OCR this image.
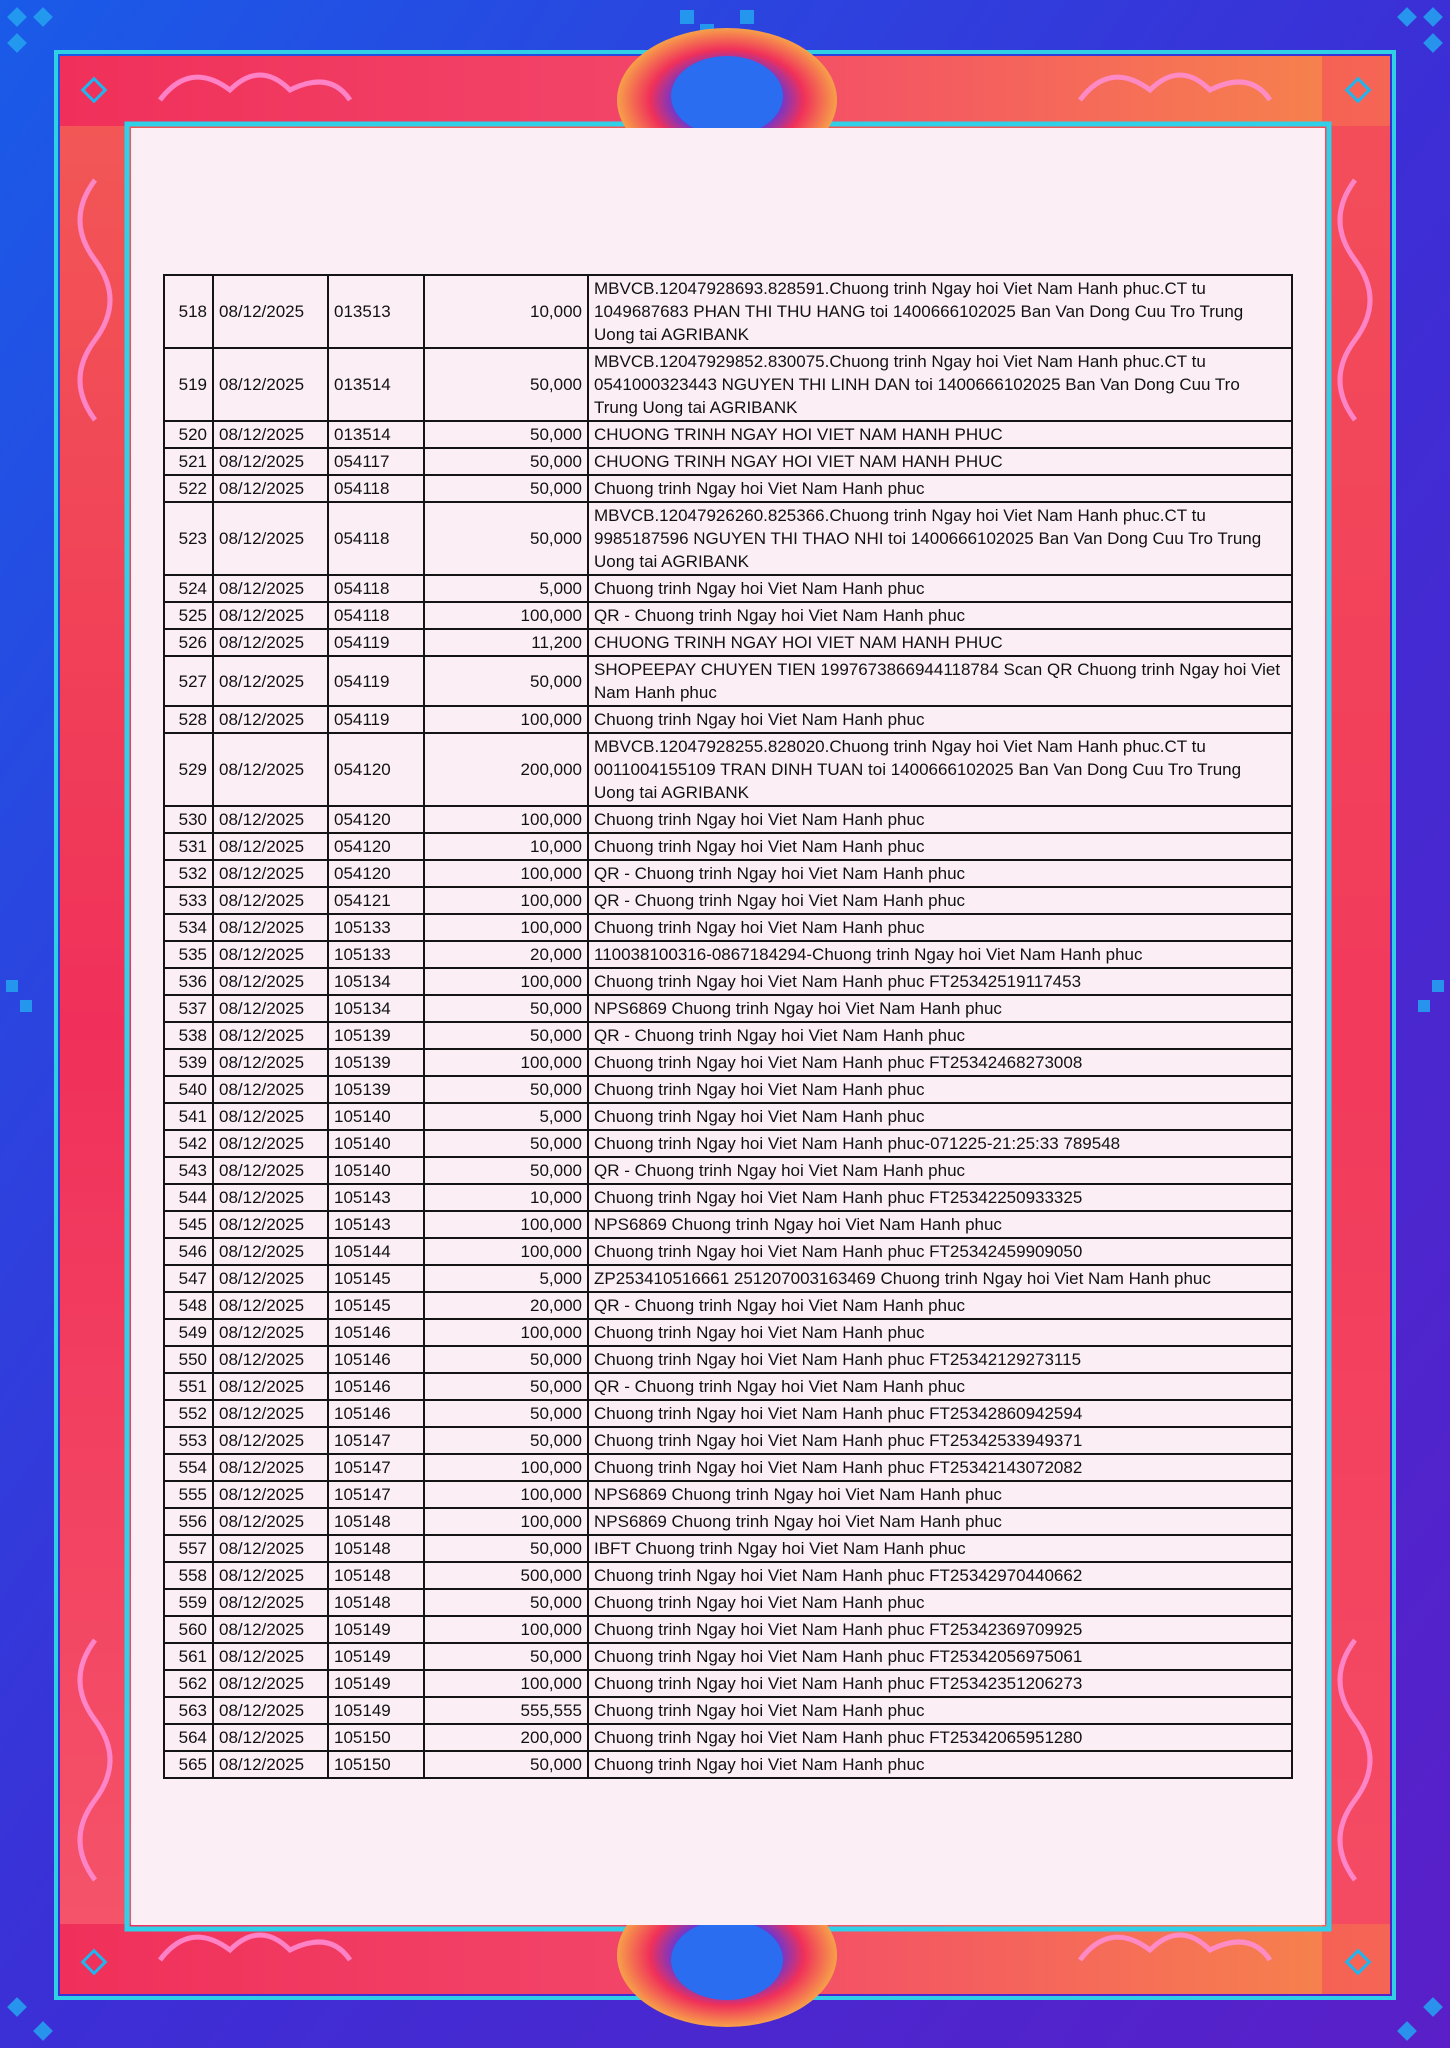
518	08/12/2025	013513	10,000	MBVCB.12047928693.828591.Chuong trinh Ngay hoi Viet Nam Hanh phuc.CT tu 1049687683 PHAN THI THU HANG toi 1400666102025 Ban Van Dong Cuu Tro Trung Uong tai AGRIBANK
519	08/12/2025	013514	50,000	MBVCB.12047929852.830075.Chuong trinh Ngay hoi Viet Nam Hanh phuc.CT tu 0541000323443 NGUYEN THI LINH DAN toi 1400666102025 Ban Van Dong Cuu Tro Trung Uong tai AGRIBANK
520	08/12/2025	013514	50,000	CHUONG TRINH NGAY HOI VIET NAM HANH PHUC
521	08/12/2025	054117	50,000	CHUONG TRINH NGAY HOI VIET NAM HANH PHUC
522	08/12/2025	054118	50,000	Chuong trinh Ngay hoi Viet Nam Hanh phuc
523	08/12/2025	054118	50,000	MBVCB.12047926260.825366.Chuong trinh Ngay hoi Viet Nam Hanh phuc.CT tu 9985187596 NGUYEN THI THAO NHI toi 1400666102025 Ban Van Dong Cuu Tro Trung Uong tai AGRIBANK
524	08/12/2025	054118	5,000	Chuong trinh Ngay hoi Viet Nam Hanh phuc
525	08/12/2025	054118	100,000	QR - Chuong trinh Ngay hoi Viet Nam Hanh phuc
526	08/12/2025	054119	11,200	CHUONG TRINH NGAY HOI VIET NAM HANH PHUC
527	08/12/2025	054119	50,000	SHOPEEPAY CHUYEN TIEN 1997673866944118784 Scan QR Chuong trinh Ngay hoi Viet Nam Hanh phuc
528	08/12/2025	054119	100,000	Chuong trinh Ngay hoi Viet Nam Hanh phuc
529	08/12/2025	054120	200,000	MBVCB.12047928255.828020.Chuong trinh Ngay hoi Viet Nam Hanh phuc.CT tu 0011004155109 TRAN DINH TUAN toi 1400666102025 Ban Van Dong Cuu Tro Trung Uong tai AGRIBANK
530	08/12/2025	054120	100,000	Chuong trinh Ngay hoi Viet Nam Hanh phuc
531	08/12/2025	054120	10,000	Chuong trinh Ngay hoi Viet Nam Hanh phuc
532	08/12/2025	054120	100,000	QR - Chuong trinh Ngay hoi Viet Nam Hanh phuc
533	08/12/2025	054121	100,000	QR - Chuong trinh Ngay hoi Viet Nam Hanh phuc
534	08/12/2025	105133	100,000	Chuong trinh Ngay hoi Viet Nam Hanh phuc
535	08/12/2025	105133	20,000	110038100316-0867184294-Chuong trinh Ngay hoi Viet Nam Hanh phuc
536	08/12/2025	105134	100,000	Chuong trinh Ngay hoi Viet Nam Hanh phuc FT25342519117453
537	08/12/2025	105134	50,000	NPS6869 Chuong trinh Ngay hoi Viet Nam Hanh phuc
538	08/12/2025	105139	50,000	QR - Chuong trinh Ngay hoi Viet Nam Hanh phuc
539	08/12/2025	105139	100,000	Chuong trinh Ngay hoi Viet Nam Hanh phuc FT25342468273008
540	08/12/2025	105139	50,000	Chuong trinh Ngay hoi Viet Nam Hanh phuc
541	08/12/2025	105140	5,000	Chuong trinh Ngay hoi Viet Nam Hanh phuc
542	08/12/2025	105140	50,000	Chuong trinh Ngay hoi Viet Nam Hanh phuc-071225-21:25:33 789548
543	08/12/2025	105140	50,000	QR - Chuong trinh Ngay hoi Viet Nam Hanh phuc
544	08/12/2025	105143	10,000	Chuong trinh Ngay hoi Viet Nam Hanh phuc FT25342250933325
545	08/12/2025	105143	100,000	NPS6869 Chuong trinh Ngay hoi Viet Nam Hanh phuc
546	08/12/2025	105144	100,000	Chuong trinh Ngay hoi Viet Nam Hanh phuc FT25342459909050
547	08/12/2025	105145	5,000	ZP253410516661 251207003163469 Chuong trinh Ngay hoi Viet Nam Hanh phuc
548	08/12/2025	105145	20,000	QR - Chuong trinh Ngay hoi Viet Nam Hanh phuc
549	08/12/2025	105146	100,000	Chuong trinh Ngay hoi Viet Nam Hanh phuc
550	08/12/2025	105146	50,000	Chuong trinh Ngay hoi Viet Nam Hanh phuc FT25342129273115
551	08/12/2025	105146	50,000	QR - Chuong trinh Ngay hoi Viet Nam Hanh phuc
552	08/12/2025	105146	50,000	Chuong trinh Ngay hoi Viet Nam Hanh phuc FT25342860942594
553	08/12/2025	105147	50,000	Chuong trinh Ngay hoi Viet Nam Hanh phuc FT25342533949371
554	08/12/2025	105147	100,000	Chuong trinh Ngay hoi Viet Nam Hanh phuc FT25342143072082
555	08/12/2025	105147	100,000	NPS6869 Chuong trinh Ngay hoi Viet Nam Hanh phuc
556	08/12/2025	105148	100,000	NPS6869 Chuong trinh Ngay hoi Viet Nam Hanh phuc
557	08/12/2025	105148	50,000	IBFT Chuong trinh Ngay hoi Viet Nam Hanh phuc
558	08/12/2025	105148	500,000	Chuong trinh Ngay hoi Viet Nam Hanh phuc FT25342970440662
559	08/12/2025	105148	50,000	Chuong trinh Ngay hoi Viet Nam Hanh phuc
560	08/12/2025	105149	100,000	Chuong trinh Ngay hoi Viet Nam Hanh phuc FT25342369709925
561	08/12/2025	105149	50,000	Chuong trinh Ngay hoi Viet Nam Hanh phuc FT25342056975061
562	08/12/2025	105149	100,000	Chuong trinh Ngay hoi Viet Nam Hanh phuc FT25342351206273
563	08/12/2025	105149	555,555	Chuong trinh Ngay hoi Viet Nam Hanh phuc
564	08/12/2025	105150	200,000	Chuong trinh Ngay hoi Viet Nam Hanh phuc FT25342065951280
565	08/12/2025	105150	50,000	Chuong trinh Ngay hoi Viet Nam Hanh phuc
